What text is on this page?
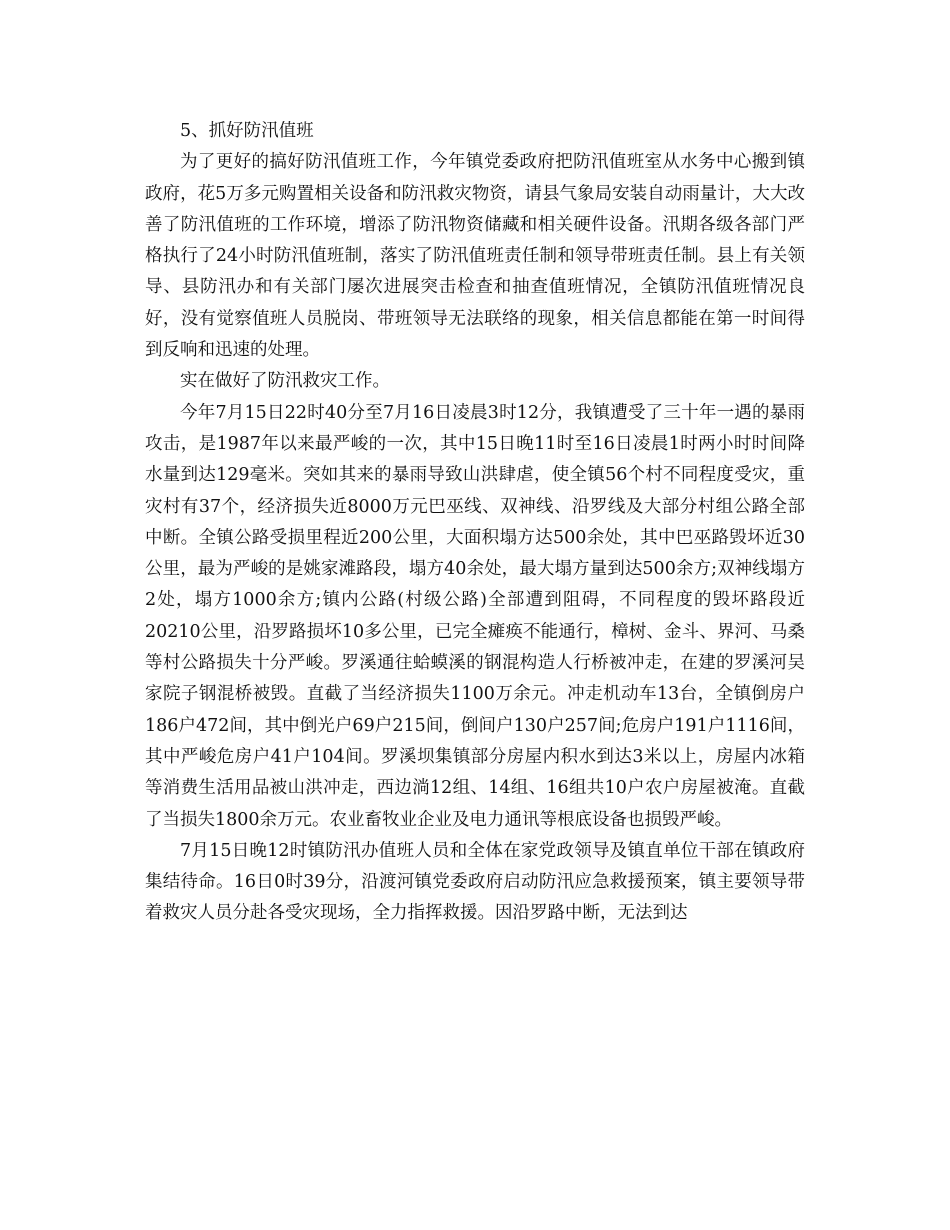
5、抓好防汛值班

为了更好的搞好防汛值班工作，今年镇党委政府把防汛值班室从水务中心搬到镇政府，花5万多元购置相关设备和防汛救灾物资，请县气象局安装自动雨量计，大大改善了防汛值班的工作环境，增添了防汛物资储藏和相关硬件设备。汛期各级各部门严格执行了24小时防汛值班制，落实了防汛值班责任制和领导带班责任制。县上有关领导、县防汛办和有关部门屡次进展突击检查和抽查值班情况，全镇防汛值班情况良好，没有觉察值班人员脱岗、带班领导无法联络的现象，相关信息都能在第一时间得到反响和迅速的处理。

实在做好了防汛救灾工作。

今年7月15日22时40分至7月16日凌晨3时12分，我镇遭受了三十年一遇的暴雨攻击，是1987年以来最严峻的一次，其中15日晚11时至16日凌晨1时两小时时间降水量到达129毫米。突如其来的暴雨导致山洪肆虐，使全镇56个村不同程度受灾，重灾村有37个，经济损失近8000万元巴巫线、双神线、沿罗线及大部分村组公路全部中断。全镇公路受损里程近200公里，大面积塌方达500余处，其中巴巫路毁坏近30公里，最为严峻的是姚家滩路段，塌方40余处，最大塌方量到达500余方;双神线塌方2处，塌方1000余方;镇内公路(村级公路)全部遭到阻碍，不同程度的毁坏路段近20210公里，沿罗路损坏10多公里，已完全瘫痪不能通行，樟树、金斗、界河、马桑等村公路损失十分严峻。罗溪通往蛤蟆溪的钢混构造人行桥被冲走，在建的罗溪河吴家院子钢混桥被毁。直截了当经济损失1100万余元。冲走机动车13台，全镇倒房户186户472间，其中倒光户69户215间，倒间户130户257间;危房户191户1116间，其中严峻危房户41户104间。罗溪坝集镇部分房屋内积水到达3米以上，房屋内冰箱等消费生活用品被山洪冲走，西边淌12组、14组、16组共10户农户房屋被淹。直截了当损失1800余万元。农业畜牧业企业及电力通讯等根底设备也损毁严峻。

7月15日晚12时镇防汛办值班人员和全体在家党政领导及镇直单位干部在镇政府集结待命。16日0时39分，沿渡河镇党委政府启动防汛应急救援预案，镇主要领导带着救灾人员分赴各受灾现场，全力指挥救援。因沿罗路中断，无法到达
